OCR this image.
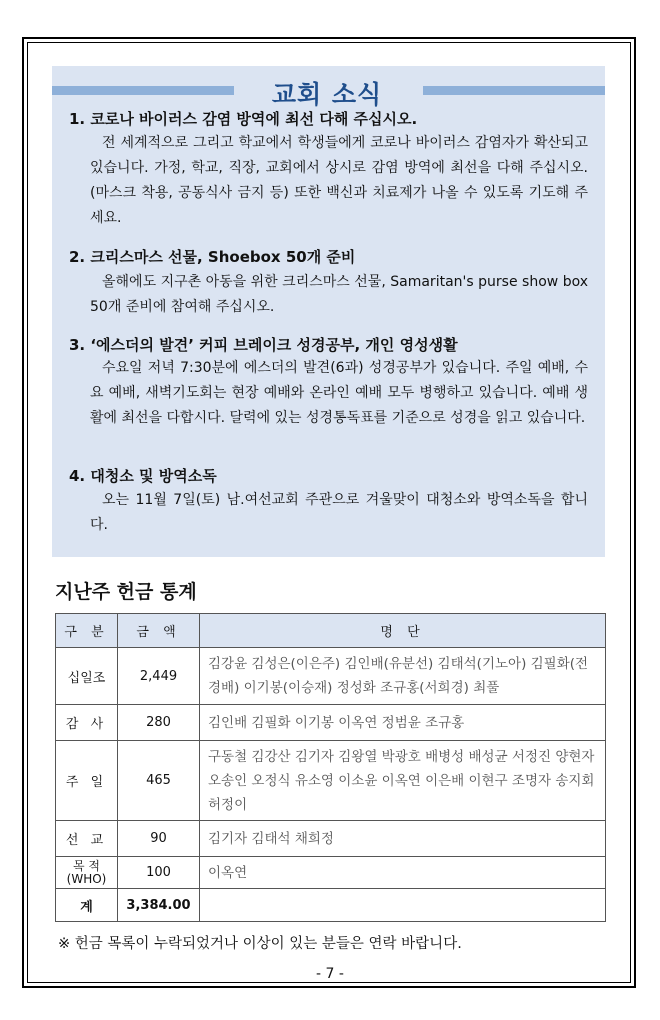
교회 소식
1. 코로나 바이러스 감염 방역에 최선 다해 주십시오.
전 세계적으로 그리고 학교에서 학생들에게 코로나 바이러스 감염자가 확산되고 있습니다. 가정, 학교, 직장, 교회에서 상시로 감염 방역에 최선을 다해 주십시오. (마스크 착용, 공동식사 금지 등) 또한 백신과 치료제가 나올 수 있도록 기도해 주세요.
2. 크리스마스 선물, Shoebox 50개 준비
올해에도 지구촌 아동을 위한 크리스마스 선물, Samaritan's purse show box 50개 준비에 참여해 주십시오.
3. ‘에스더의 발견’ 커피 브레이크 성경공부, 개인 영성생활
수요일 저녁 7:30분에 에스더의 발견(6과) 성경공부가 있습니다. 주일 예배, 수요 예배, 새벽기도회는 현장 예배와 온라인 예배 모두 병행하고 있습니다. 예배 생활에 최선을 다합시다. 달력에 있는 성경통독표를 기준으로 성경을 읽고 있습니다.
4. 대청소 및 방역소독
오는 11월 7일(토) 남.여선교회 주관으로 겨울맞이 대청소와 방역소독을 합니다.
지난주 헌금 통계
구 분	금 액	명 단
십일조	2,449	김강윤 김성은(이은주) 김인배(유분선) 김태석(기노아) 김필화(전경배) 이기봉(이승재) 정성화 조규홍(서희경) 최풀
감 사	280	김인배 김필화 이기봉 이옥연 정범윤 조규홍
주 일	465	구동철 김강산 김기자 김왕열 박광호 배병성 배성균 서정진 양현자 오송인 오정식 유소영 이소윤 이옥연 이은배 이현구 조명자 송지회 허정이
선 교	90	김기자 김태석 채희정
목 적 (WHO)	100	이옥연
계	3,384.00	
※ 헌금 목록이 누락되었거나 이상이 있는 분들은 연락 바랍니다.
- 7 -
